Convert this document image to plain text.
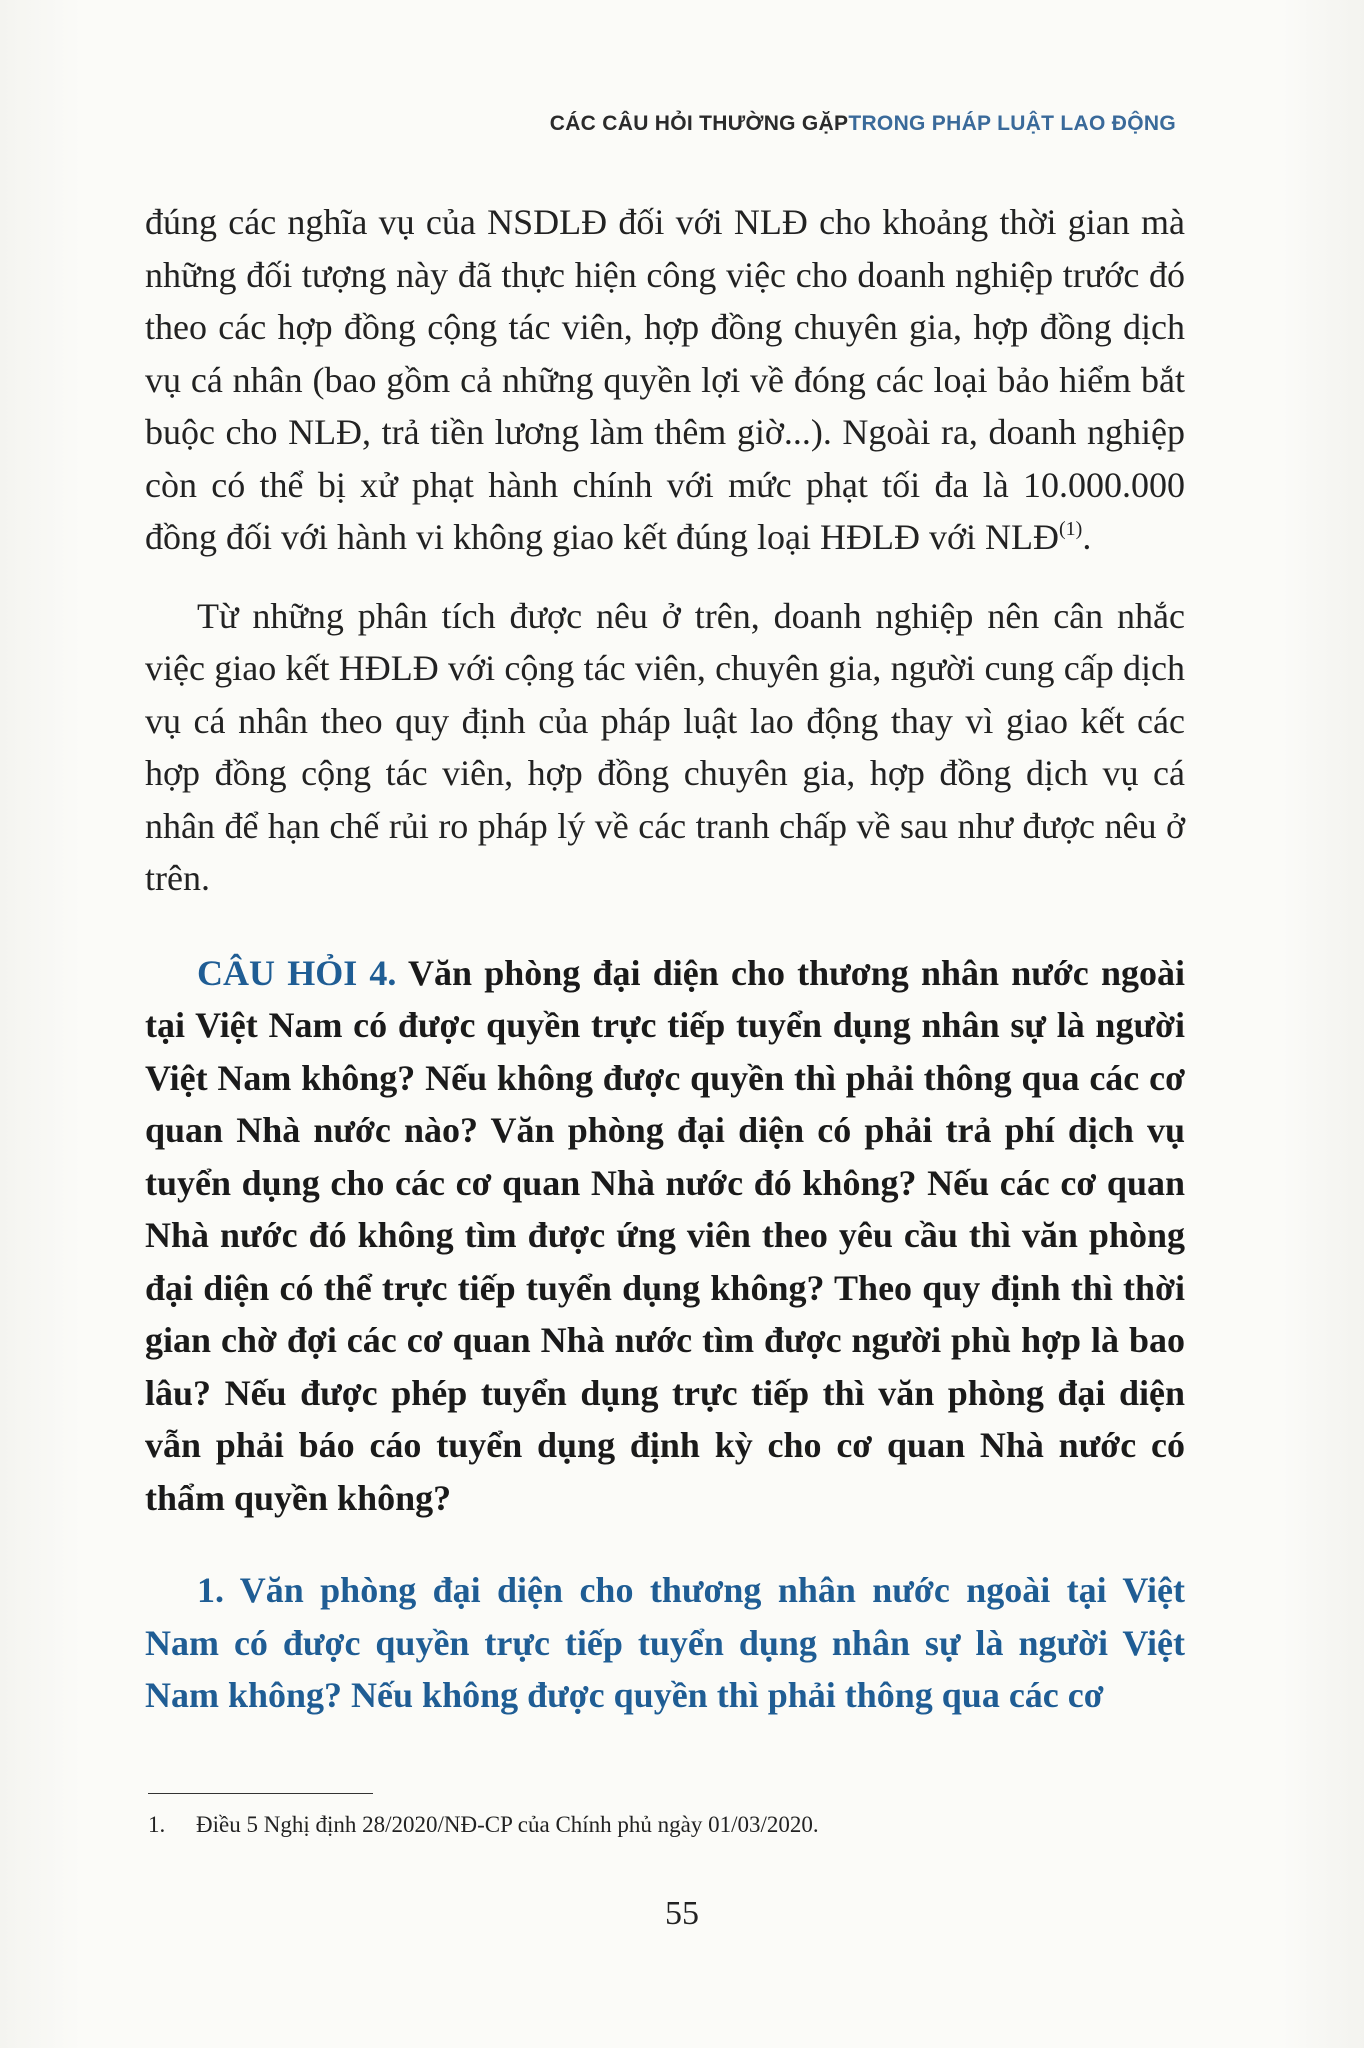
CÁC CÂU HỎI THƯỜNG GẶPTRONG PHÁP LUẬT LAO ĐỘNG

đúng các nghĩa vụ của NSDLĐ đối với NLĐ cho khoảng thời gian mà những đối tượng này đã thực hiện công việc cho doanh nghiệp trước đó theo các hợp đồng cộng tác viên, hợp đồng chuyên gia, hợp đồng dịch vụ cá nhân (bao gồm cả những quyền lợi về đóng các loại bảo hiểm bắt buộc cho NLĐ, trả tiền lương làm thêm giờ...). Ngoài ra, doanh nghiệp còn có thể bị xử phạt hành chính với mức phạt tối đa là 10.000.000 đồng đối với hành vi không giao kết đúng loại HĐLĐ với NLĐ$^{(1)}$.

Từ những phân tích được nêu ở trên, doanh nghiệp nên cân nhắc việc giao kết HĐLĐ với cộng tác viên, chuyên gia, người cung cấp dịch vụ cá nhân theo quy định của pháp luật lao động thay vì giao kết các hợp đồng cộng tác viên, hợp đồng chuyên gia, hợp đồng dịch vụ cá nhân để hạn chế rủi ro pháp lý về các tranh chấp về sau như được nêu ở trên.

CÂU HỎI 4. Văn phòng đại diện cho thương nhân nước ngoài tại Việt Nam có được quyền trực tiếp tuyển dụng nhân sự là người Việt Nam không? Nếu không được quyền thì phải thông qua các cơ quan Nhà nước nào? Văn phòng đại diện có phải trả phí dịch vụ tuyển dụng cho các cơ quan Nhà nước đó không? Nếu các cơ quan Nhà nước đó không tìm được ứng viên theo yêu cầu thì văn phòng đại diện có thể trực tiếp tuyển dụng không? Theo quy định thì thời gian chờ đợi các cơ quan Nhà nước tìm được người phù hợp là bao lâu? Nếu được phép tuyển dụng trực tiếp thì văn phòng đại diện vẫn phải báo cáo tuyển dụng định kỳ cho cơ quan Nhà nước có thẩm quyền không?

1. Văn phòng đại diện cho thương nhân nước ngoài tại Việt Nam có được quyền trực tiếp tuyển dụng nhân sự là người Việt Nam không? Nếu không được quyền thì phải thông qua các cơ

1. Điều 5 Nghị định 28/2020/NĐ-CP của Chính phủ ngày 01/03/2020.
55
